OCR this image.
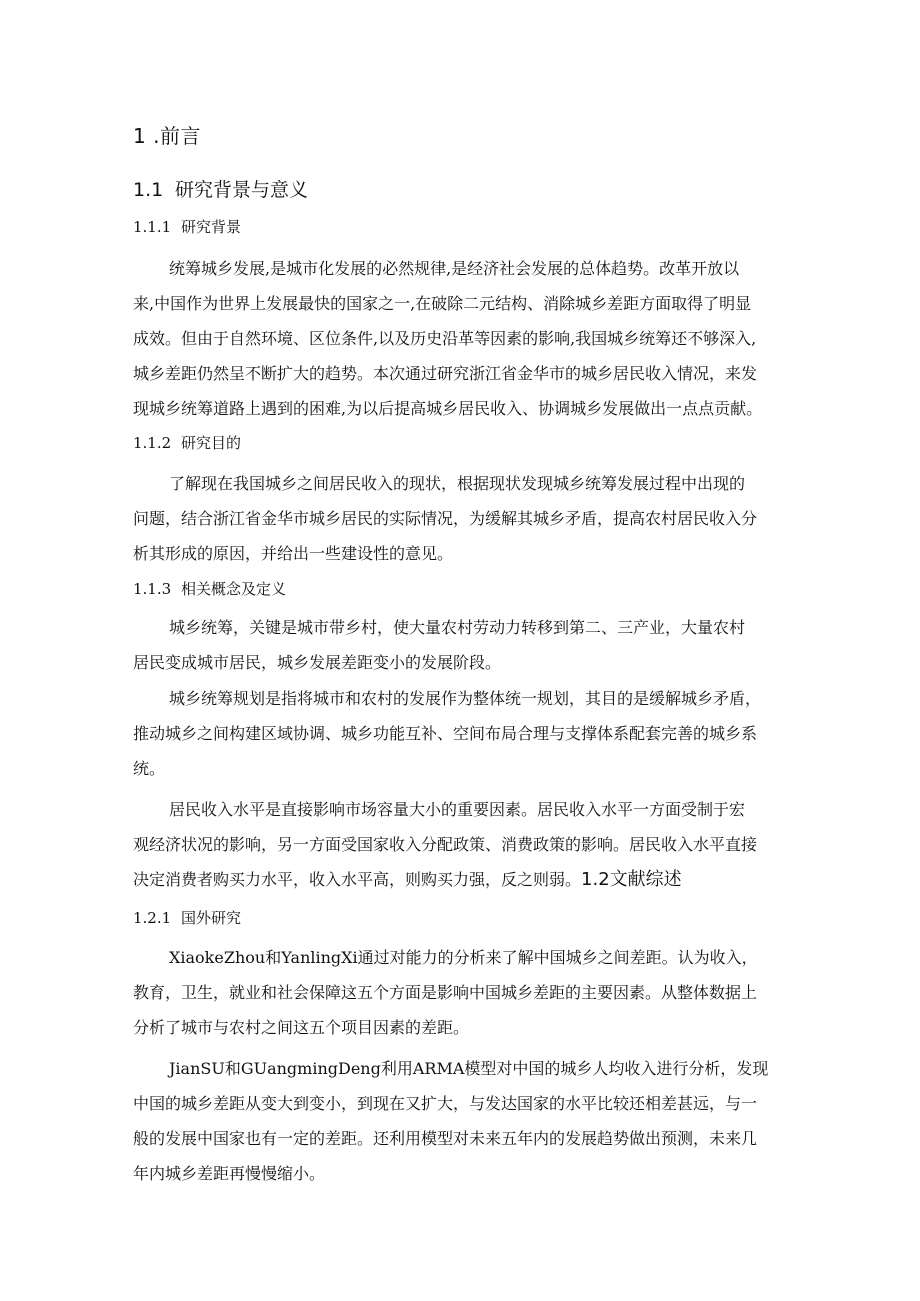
1 .前言
1.1 研究背景与意义
1.1.1 研究背景
统筹城乡发展,是城市化发展的必然规律,是经济社会发展的总体趋势。改革开放以
来,中国作为世界上发展最快的国家之一,在破除二元结构、消除城乡差距方面取得了明显
成效。但由于自然环境、区位条件,以及历史沿革等因素的影响,我国城乡统筹还不够深入,
城乡差距仍然呈不断扩大的趋势。本次通过研究浙江省金华市的城乡居民收入情况，来发
现城乡统筹道路上遇到的困难,为以后提高城乡居民收入、协调城乡发展做出一点点贡献。
1.1.2 研究目的
了解现在我国城乡之间居民收入的现状，根据现状发现城乡统筹发展过程中出现的
问题，结合浙江省金华市城乡居民的实际情况，为缓解其城乡矛盾，提高农村居民收入分
析其形成的原因，并给出一些建设性的意见。
1.1.3 相关概念及定义
城乡统筹，关键是城市带乡村，使大量农村劳动力转移到第二、三产业，大量农村
居民变成城市居民，城乡发展差距变小的发展阶段。
城乡统筹规划是指将城市和农村的发展作为整体统一规划，其目的是缓解城乡矛盾，
推动城乡之间构建区域协调、城乡功能互补、空间布局合理与支撑体系配套完善的城乡系
统。
居民收入水平是直接影响市场容量大小的重要因素。居民收入水平一方面受制于宏
观经济状况的影响，另一方面受国家收入分配政策、消费政策的影响。居民收入水平直接
决定消费者购买力水平，收入水平高，则购买力强，反之则弱。1.2文献综述
1.2.1 国外研究
XiaokeZhou和YanlingXi通过对能力的分析来了解中国城乡之间差距。认为收入，
教育，卫生，就业和社会保障这五个方面是影响中国城乡差距的主要因素。从整体数据上
分析了城市与农村之间这五个项目因素的差距。
JianSU和GUangmingDeng利用ARMA模型对中国的城乡人均收入进行分析，发现
中国的城乡差距从变大到变小，到现在又扩大，与发达国家的水平比较还相差甚远，与一
般的发展中国家也有一定的差距。还利用模型对未来五年内的发展趋势做出预测，未来几
年内城乡差距再慢慢缩小。
